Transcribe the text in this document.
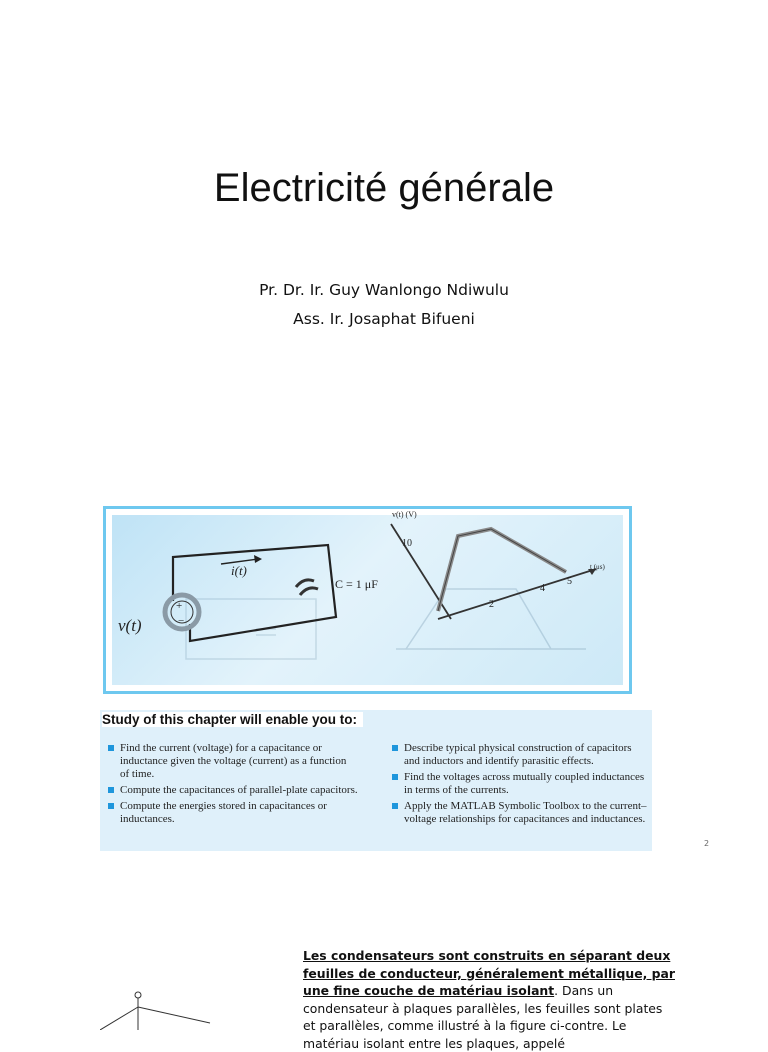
Electricité générale
Pr. Dr. Ir. Guy Wanlongo Ndiwulu
Ass. Ir. Josaphat Bifueni
i(t)
v(t)
+
−
C = 1 μF
v(t) (V)
10
t (μs)
2
4
5
Study of this chapter will enable you to:
Find the current (voltage) for a capacitance or inductance given the voltage (current) as a function of time.
Compute the capacitances of parallel-plate capacitors.
Compute the energies stored in capacitances or inductances.
Describe typical physical construction of capacitors and inductors and identify parasitic effects.
Find the voltages across mutually coupled inductances in terms of the currents.
Apply the MATLAB Symbolic Toolbox to the current–voltage relationships for capacitances and inductances.
2
Les condensateurs sont construits en séparant deux feuilles de conducteur, généralement métallique, par une fine couche de matériau isolant. Dans un condensateur à plaques parallèles, les feuilles sont plates et parallèles, comme illustré à la figure ci-contre. Le matériau isolant entre les plaques, appelé
